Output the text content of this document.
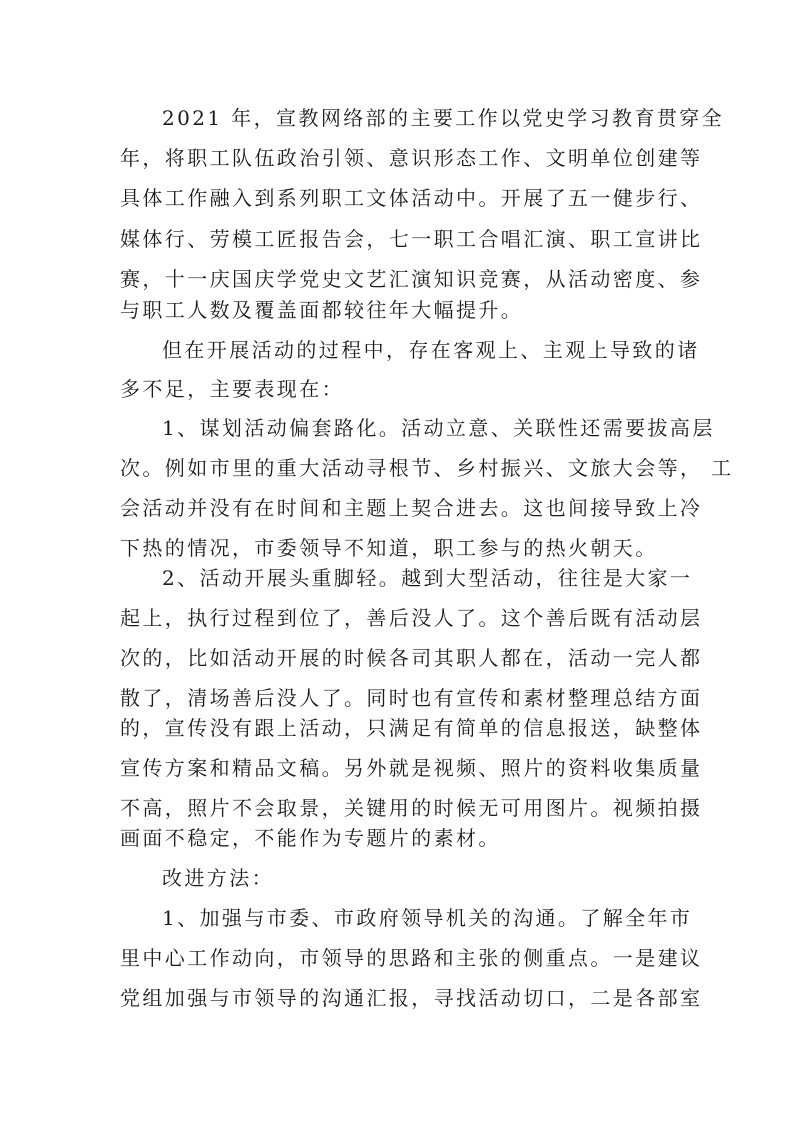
2021 年，宣教网络部的主要工作以党史学习教育贯穿全
年，将职工队伍政治引领、意识形态工作、文明单位创建等
具体工作融入到系列职工文体活动中。开展了五一健步行、
媒体行、劳模工匠报告会，七一职工合唱汇演、职工宣讲比
赛，十一庆国庆学党史文艺汇演知识竞赛，从活动密度、参
与职工人数及覆盖面都较往年大幅提升。
但在开展活动的过程中，存在客观上、主观上导致的诸
多不足，主要表现在：
1、谋划活动偏套路化。活动立意、关联性还需要拔高层
次。例如市里的重大活动寻根节、乡村振兴、文旅大会等， 工
会活动并没有在时间和主题上契合进去。这也间接导致上冷
下热的情况，市委领导不知道，职工参与的热火朝天。
2、活动开展头重脚轻。越到大型活动，往往是大家一
起上，执行过程到位了，善后没人了。这个善后既有活动层
次的，比如活动开展的时候各司其职人都在，活动一完人都
散了，清场善后没人了。同时也有宣传和素材整理总结方面
的，宣传没有跟上活动，只满足有简单的信息报送，缺整体
宣传方案和精品文稿。另外就是视频、照片的资料收集质量
不高，照片不会取景，关键用的时候无可用图片。视频拍摄
画面不稳定，不能作为专题片的素材。
改进方法：
1、加强与市委、市政府领导机关的沟通。了解全年市
里中心工作动向，市领导的思路和主张的侧重点。一是建议
党组加强与市领导的沟通汇报，寻找活动切口，二是各部室
